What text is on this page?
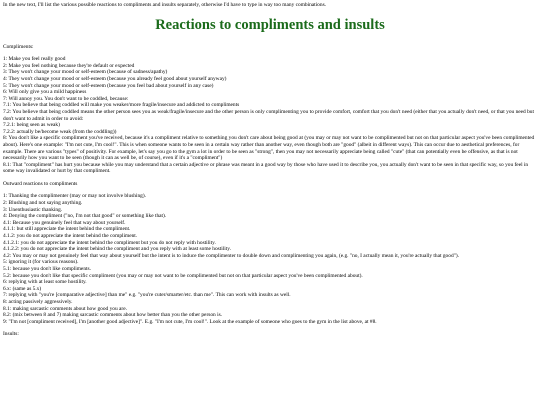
In the new text, I'll list the various possible reactions to compliments and insults separately, otherwise I'd have to type in way too many combinations.

Reactions to compliments and insults

Compliments:

1: Make you feel really good
2: Make you feel nothing because they're default or expected
3: They won't change your mood or self-esteem (because of sadness/apathy)
4: They won't change your mood or self-esteem (because you already feel good about yourself anyway)
5: They won't change your mood or self-esteem (because you feel bad about yourself in any case)
6: Will only give you a mild happiness
7: Will annoy you. You don't want to be coddled, because:
7.1: You believe that being coddled will make you weaker/more fragile/insecure and addicted to compliments
7.2: You believe that being coddled means the other person sees you as weak/fragile/insecure and the other person is only complimenting you to provide comfort, comfort that you don't need (either that you actually don't need, or that you need but don't want to admit in order to avoid:
7.2.1: being seen as weak)
7.2.2: actually be/become weak (from the coddling))
8: You don't like a specific compliment you've received, because it's a compliment relative to something you don't care about being good at (you may or may not want to be complimented but not on that particular aspect you've been complimented about). Here's one example: "I'm not cute, I'm cool!". This is when someone wants to be seen in a certain way rather than another way, even though both are "good" (albeit in different ways). This can occur due to aesthetical preferences, for example. There are various "types" of positivity. For example, let's say you go to the gym a lot in order to be seen as "strong", then you may not necessarily appreciate being called "cute" (that can potentially even be offensive, as that is not necessarily how you want to be seen (though it can as well be, of course), even if it's a "compliment")
8.1: That "compliment" has hurt you because while you may understand that a certain adjective or phrase was meant in a good way by those who have used it to describe you, you actually don't want to be seen in that specific way, so you feel in some way invalidated or hurt by that compliment.

Outward reactions to compliments

1: Thanking the complimenter (may or may not involve blushing).
2: Blushing and not saying anything.
3: Unenthusiastic thanking.
4: Denying the compliment ("no, I'm not that good" or something like that).
4.1: Because you genuinely feel that way about yourself.
4.1.1: but still appreciate the intent behind the compliment.
4.1.2: you do not appreciate the intent behind the compliment.
4.1.2.1: you do not appreciate the intent behind the compliment but you do not reply with hostility.
4.1.2.2: you do not appreciate the intent behind the compliment and you reply with at least some hostility.
4.2: You may or may not genuinely feel that way about yourself but the intent is to induce the complimenter to double down and complimenting you again, (e.g. "no, I actually mean it, you're actually that good").
5: ignoring it (for various reasons).
5.1: because you don't like compliments.
5.2: because you don't like that specific compliment (you may or may not want to be complimented but not on that particular aspect you've been complimented about).
6: replying with at least some hostility.
6.x: (same as 5.x)
7: replying with "you're [comparative adjective] than me" e.g. "you're cuter/smarter/etc. than me". This can work with insults as well.
8: acting passively aggressively.
8.1: making sarcastic comments about how good you are.
8.2: (mix between 8 and 7) making sarcastic comments about how better than you the other person is.
9: "I'm not [compliment received], I'm [another good adjective]". E.g. "I'm not cute, I'm cool!". Look at the example of someone who goes to the gym in the list above, at #8.

Insults:
